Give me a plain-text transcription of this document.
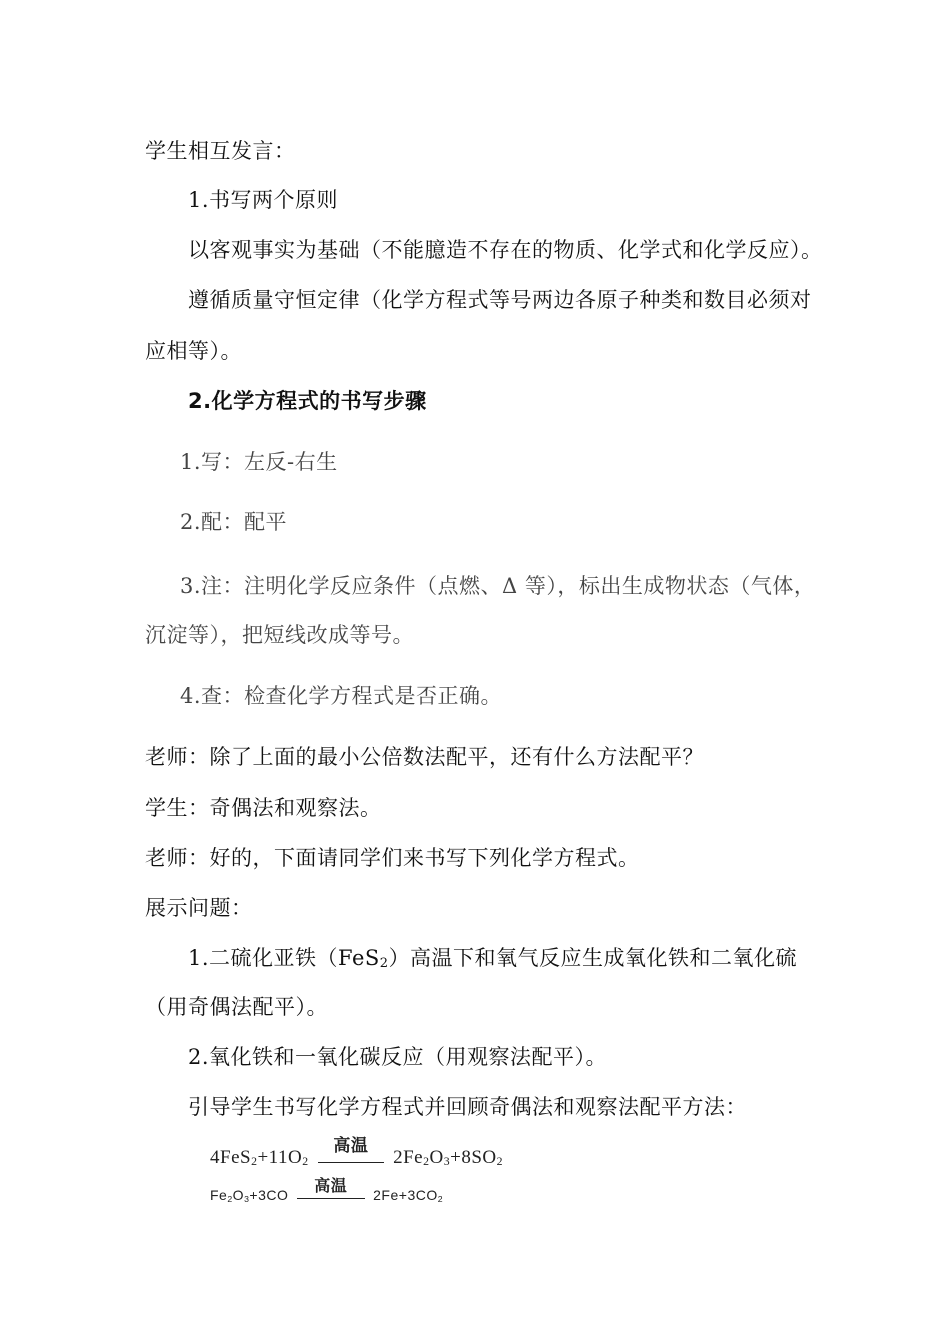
学生相互发言：
1.书写两个原则
以客观事实为基础（不能臆造不存在的物质、化学式和化学反应）。
遵循质量守恒定律（化学方程式等号两边各原子种类和数目必须对
应相等）。
2.化学方程式的书写步骤
1.写：左反-右生
2.配：配平
3.注：注明化学反应条件（点燃、Δ 等），标出生成物状态（气体，
沉淀等），把短线改成等号。
4.查：检查化学方程式是否正确。
老师：除了上面的最小公倍数法配平，还有什么方法配平？
学生：奇偶法和观察法。
老师：好的，下面请同学们来书写下列化学方程式。
展示问题：
1.二硫化亚铁（FeS$_2$）高温下和氧气反应生成氧化铁和二氧化硫
（用奇偶法配平）。
2.氧化铁和一氧化碳反应（用观察法配平）。
引导学生书写化学方程式并回顾奇偶法和观察法配平方法：
$4FeS_2+11O_2$
高温
$2Fe_2O_3+8SO_2$
$Fe_2O_3+3CO$	高温	$2Fe+3CO_2$
